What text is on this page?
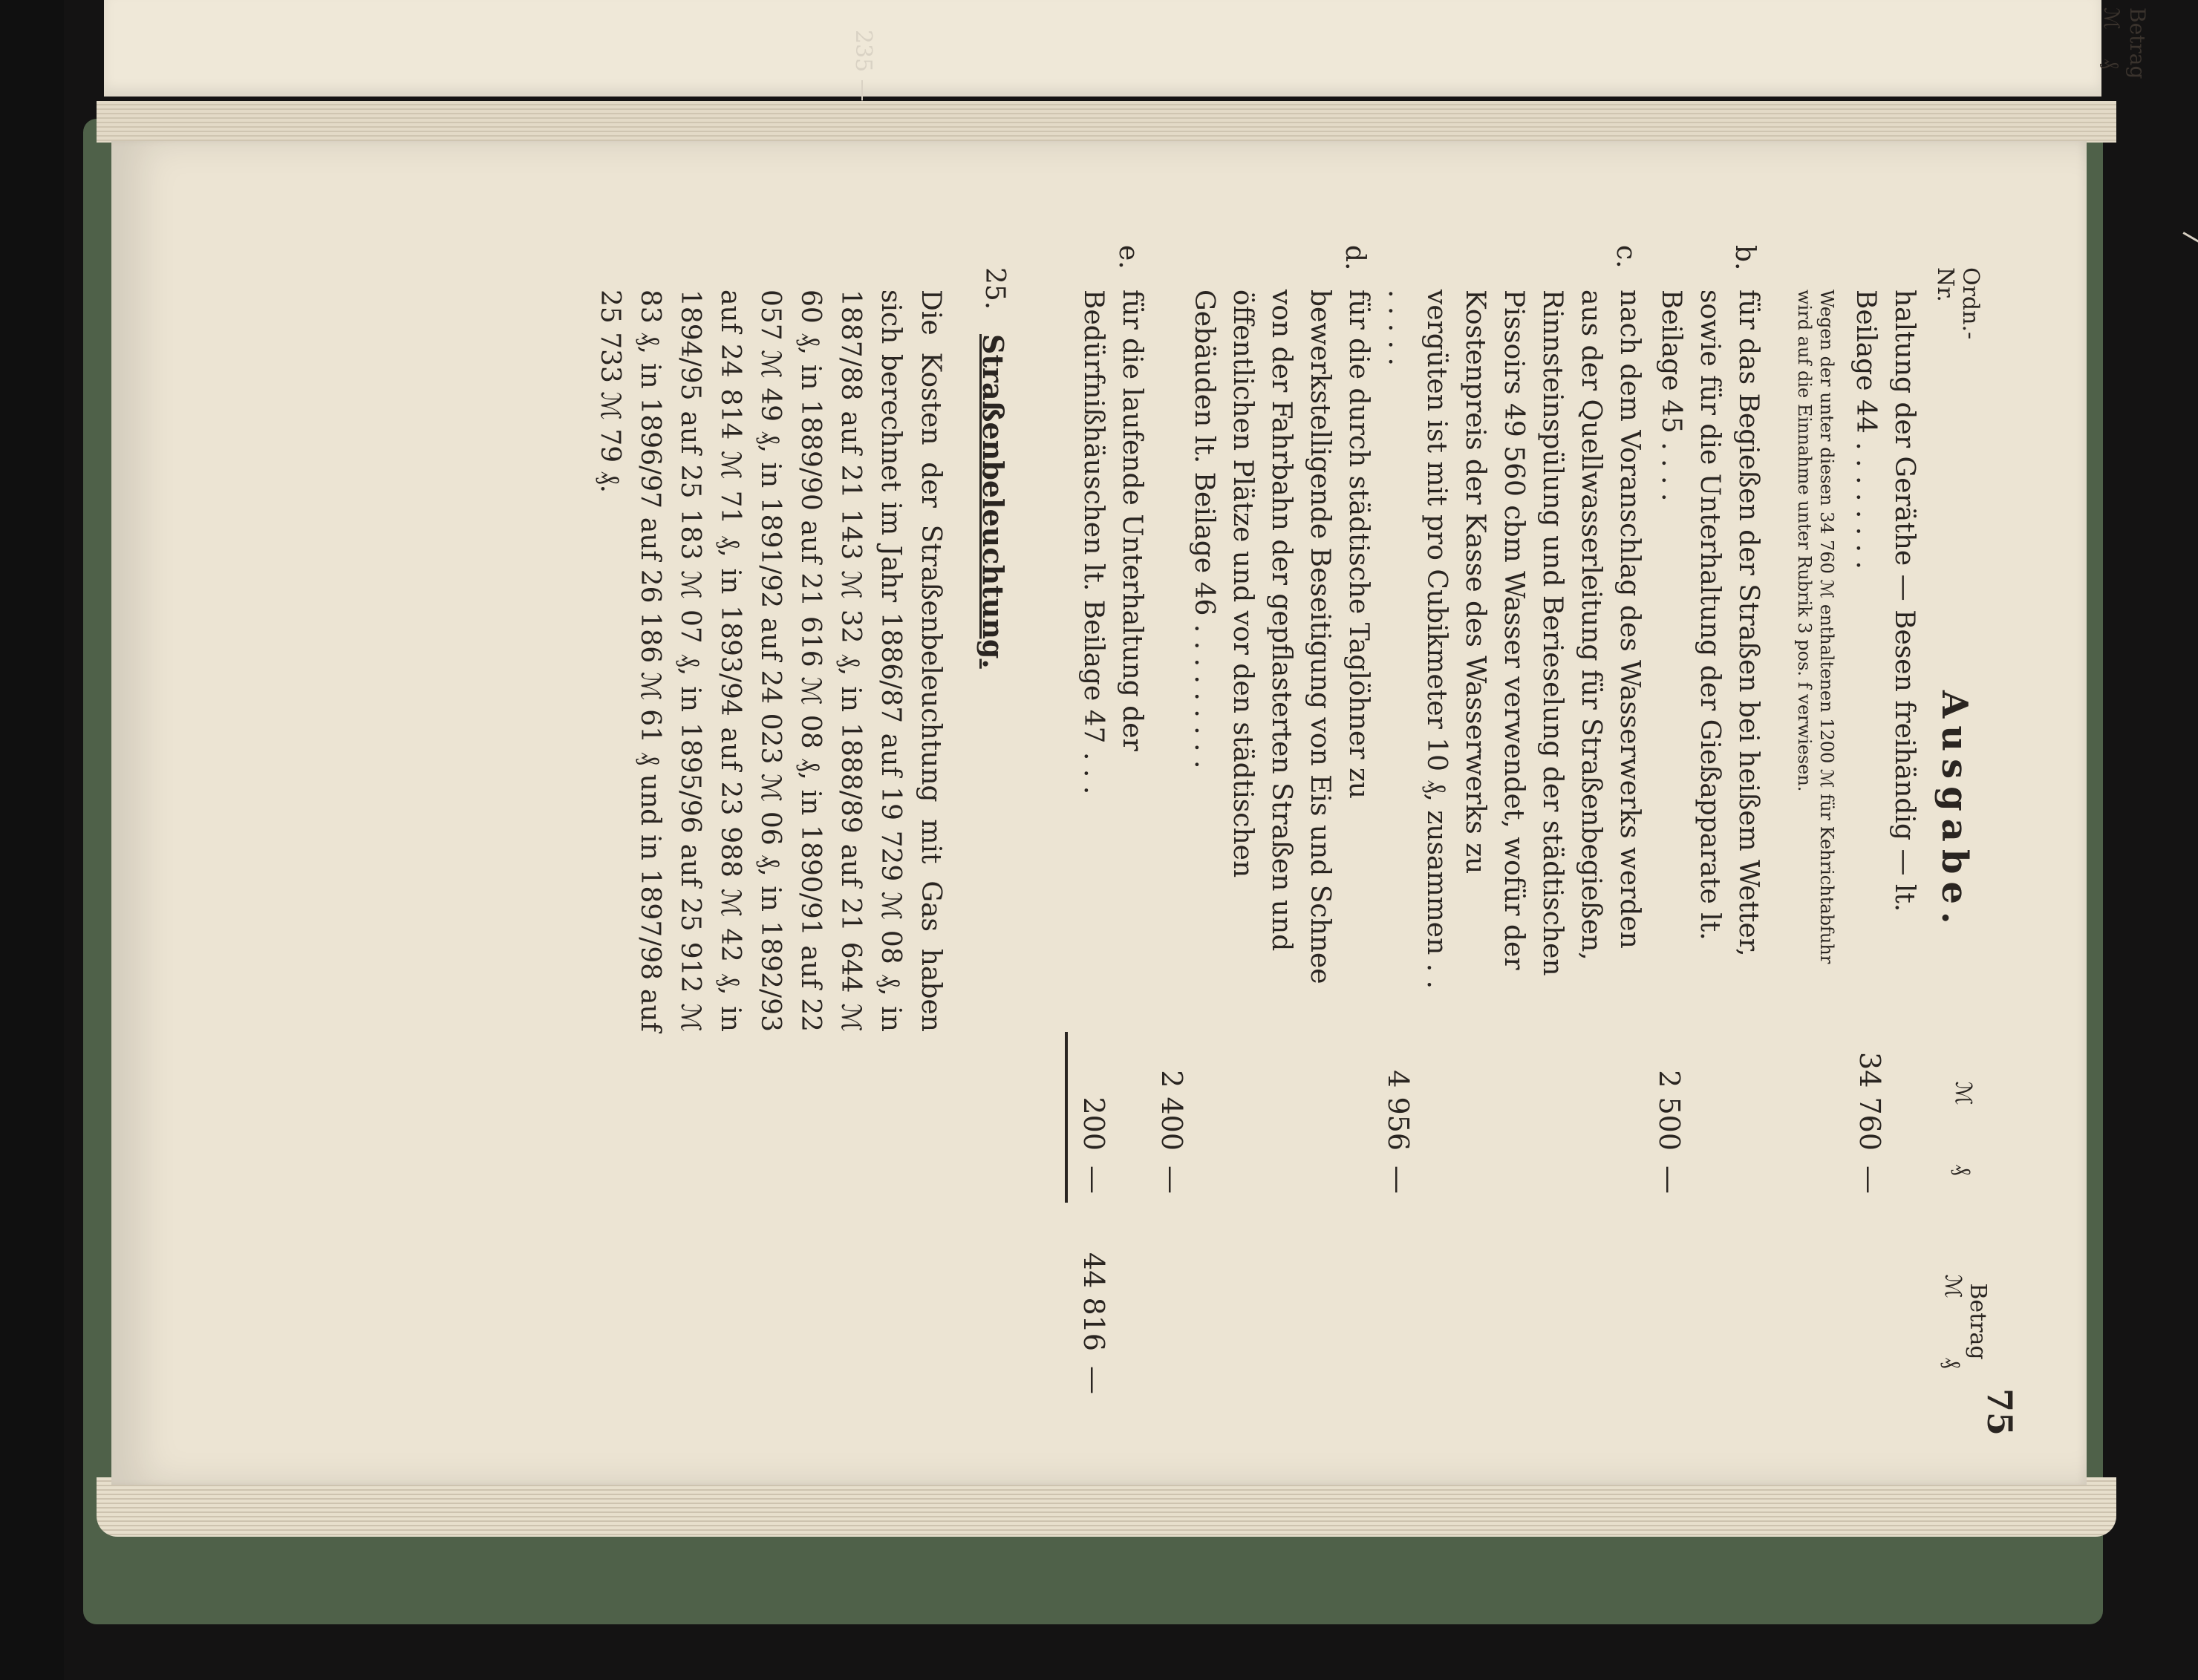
Betrag
ℳ ₰
235 —
75
Ordn.-
Nr.
Ausgabe.
ℳ ₰
Betrag
ℳ ₰
haltung der Geräthe — Besen freihändig — lt. Beilage 44 . . . . . . . .
Wegen der unter diesen 34 760 ℳ enthaltenen 1200 ℳ für Kehrichtabfuhr wird auf die Einnahme unter Rubrik 3 pos. f verwiesen.
34 760
—
b.
für das Begießen der Straßen bei heißem Wetter, sowie für die Unterhaltung der Gießapparate lt. Beilage 45 . . . .
2 500
—
c.
nach dem Voranschlag des Wasserwerks werden aus der Quellwasserleitung für Straßenbegießen, Rinnsteinspülung und Berieselung der städtischen Pissoirs 49 560 cbm Wasser verwendet, wofür der Kostenpreis der Kasse des Wasserwerks zu vergüten ist mit pro Cubikmeter 10 ₰, zusammen . . . . . . .
4 956
—
d.
für die durch städtische Taglöhner zu bewerkstelligende Beseitigung von Eis und Schnee von der Fahrbahn der gepflasterten Straßen und öffentlichen Plätze und vor den städtischen Gebäuden lt. Beilage 46 . . . . . . . . .
2 400
—
e.
für die laufende Unterhaltung der Bedürfnißhäuschen lt. Beilage 47 . . .
200
—
44 816
—
25.
Straßenbeleuchtung.
Die Kosten der Straßenbeleuchtung mit Gas haben sich berechnet im Jahr 1886/87 auf 19 729 ℳ 08 ₰, in 1887/88 auf 21 143 ℳ 32 ₰, in 1888/89 auf 21 644 ℳ 60 ₰, in 1889/90 auf 21 616 ℳ 08 ₰, in 1890/91 auf 22 057 ℳ 49 ₰, in 1891/92 auf 24 023 ℳ 06 ₰, in 1892/93 auf 24 814 ℳ 71 ₰, in 1893/94 auf 23 988 ℳ 42 ₰, in 1894/95 auf 25 183 ℳ 07 ₰, in 1895/96 auf 25 912 ℳ 83 ₰, in 1896/97 auf 26 186 ℳ 61 ₰ und in 1897/98 auf 25 733 ℳ 79 ₰.
